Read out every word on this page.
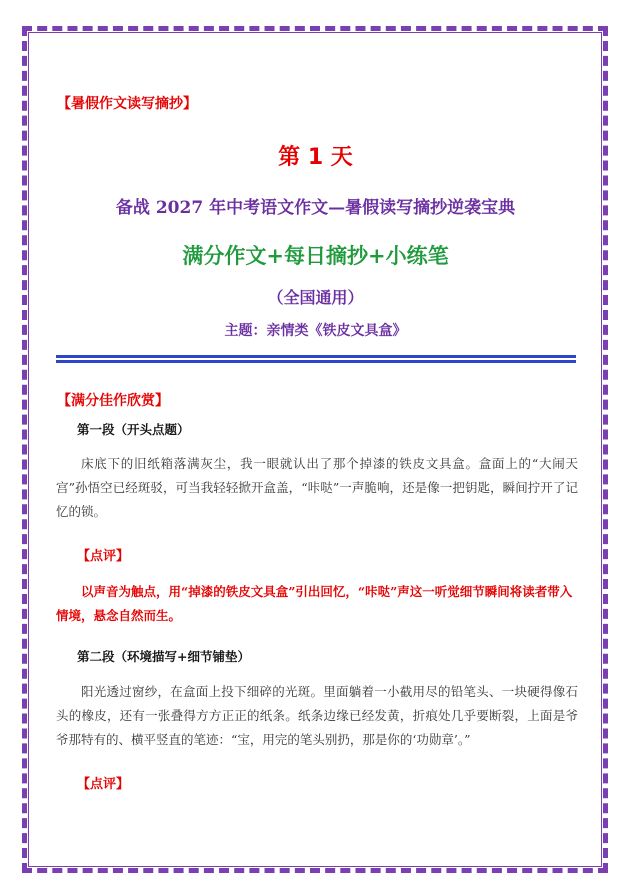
【暑假作文读写摘抄】
第 1 天
备战 2027 年中考语文作文—暑假读写摘抄逆袭宝典
满分作文+每日摘抄+小练笔
（全国通用）
主题：亲情类《铁皮文具盒》
【满分佳作欣赏】
第一段（开头点题）

床底下的旧纸箱落满灰尘，我一眼就认出了那个掉漆的铁皮文具盒。盒面上的“大闹天宫”孙悟空已经斑驳，可当我轻轻掀开盒盖，“咔哒”一声脆响，还是像一把钥匙，瞬间拧开了记忆的锁。

【点评】

以声音为触点，用“掉漆的铁皮文具盒”引出回忆，“咔哒”声这一听觉细节瞬间将读者带入情境，悬念自然而生。

第二段（环境描写+细节铺垫）

阳光透过窗纱，在盒面上投下细碎的光斑。里面躺着一小截用尽的铅笔头、一块硬得像石头的橡皮，还有一张叠得方方正正的纸条。纸条边缘已经发黄，折痕处几乎要断裂，上面是爷爷那特有的、横平竖直的笔迹：“宝，用完的笔头别扔，那是你的‘功勋章’。”

【点评】
